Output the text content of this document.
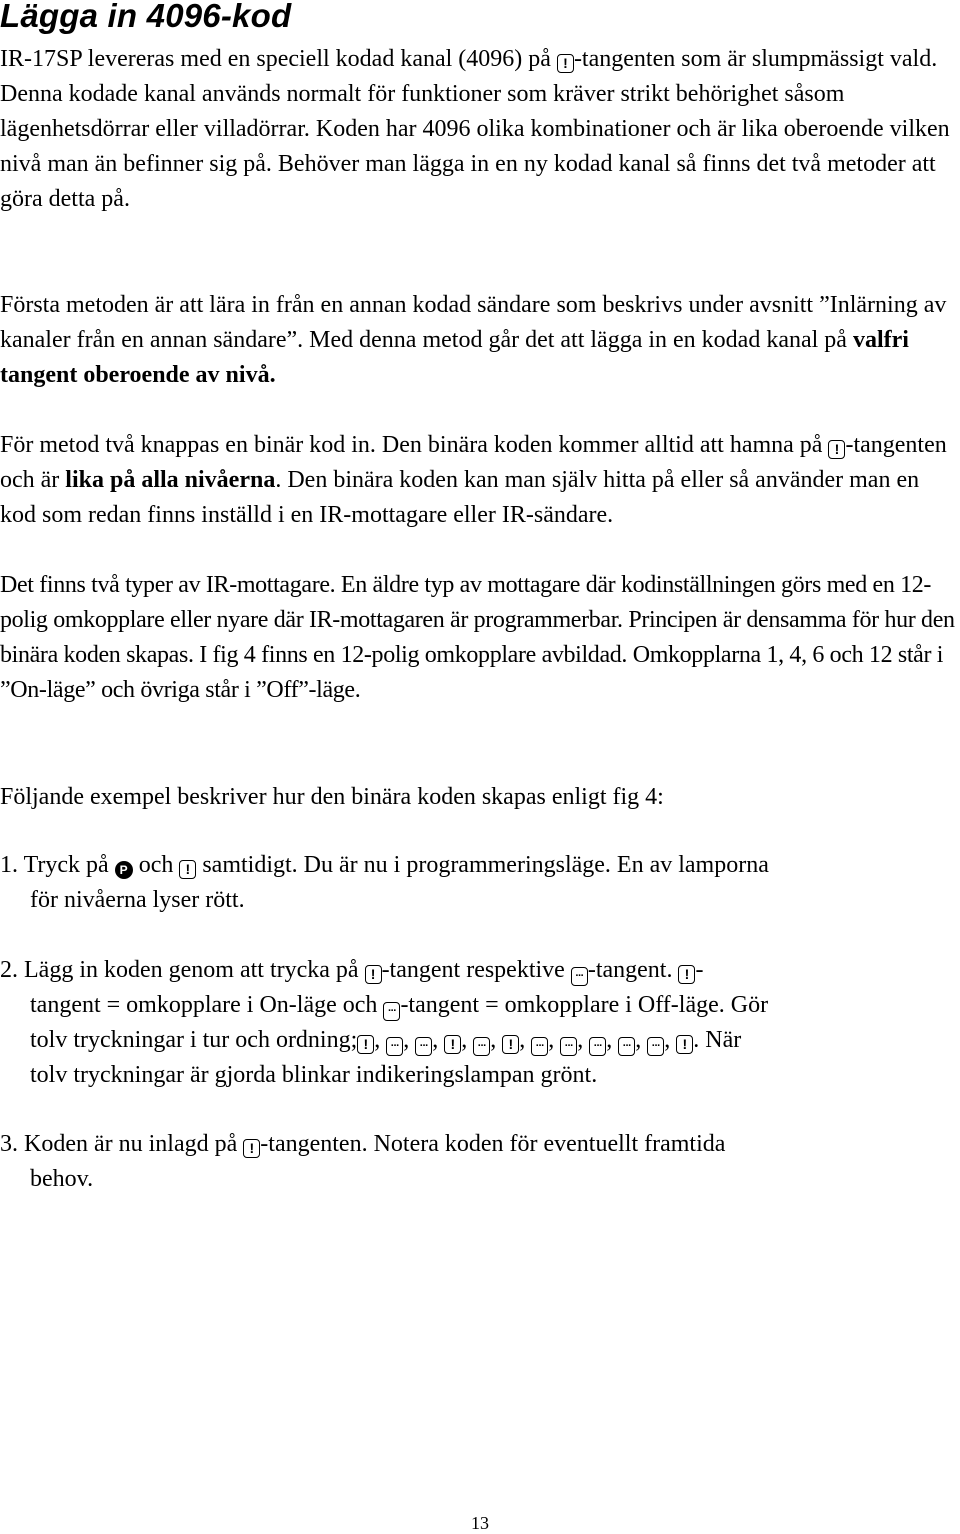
Lägga in 4096-kod

IR-17SP levereras med en speciell kodad kanal (4096) på ! -tangenten som är slumpmässigt vald. Denna kodade kanal används normalt för funktioner som kräver strikt behörighet såsom lägenhetsdörrar eller villadörrar. Koden har 4096 olika kombinationer och är lika oberoende vilken nivå man än befinner sig på. Behöver man lägga in en ny kodad kanal så finns det två metoder att göra detta på.

Första metoden är att lära in från en annan kodad sändare som beskrivs under avsnitt ”Inlärning av kanaler från en annan sändare”. Med denna metod går det att lägga in en kodad kanal på valfri tangent oberoende av nivå.

För metod två knappas en binär kod in. Den binära koden kommer alltid att hamna på ! -tangenten och är lika på alla nivåerna. Den binära koden kan man själv hitta på eller så använder man en kod som redan finns inställd i en IR-mottagare eller IR-sändare.

Det finns två typer av IR-mottagare. En äldre typ av mottagare där kodinställningen görs med en 12-polig omkopplare eller nyare där IR-mottagaren är programmerbar. Principen är densamma för hur den binära koden skapas. I fig 4 finns en 12-polig omkopplare avbildad. Omkopplarna 1, 4, 6 och 12 står i ”On-läge” och övriga står i ”Off”-läge.

Följande exempel beskriver hur den binära koden skapas enligt fig 4:

1. Tryck på P och ! samtidigt. Du är nu i programmeringsläge. En av lamporna
för nivåerna lyser rött.
2. Lägg in koden genom att trycka på ! -tangent respektive ··· -tangent. ! -
tangent = omkopplare i On-läge och ··· -tangent = omkopplare i Off-läge. Gör
tolv tryckningar i tur och ordning; ! , ··· , ··· , ! , ··· , ! , ··· , ··· , ··· , ··· , ··· , ! . När
tolv tryckningar är gjorda blinkar indikeringslampan grönt.
3. Koden är nu inlagd på ! -tangenten. Notera koden för eventuellt framtida
behov.
13
